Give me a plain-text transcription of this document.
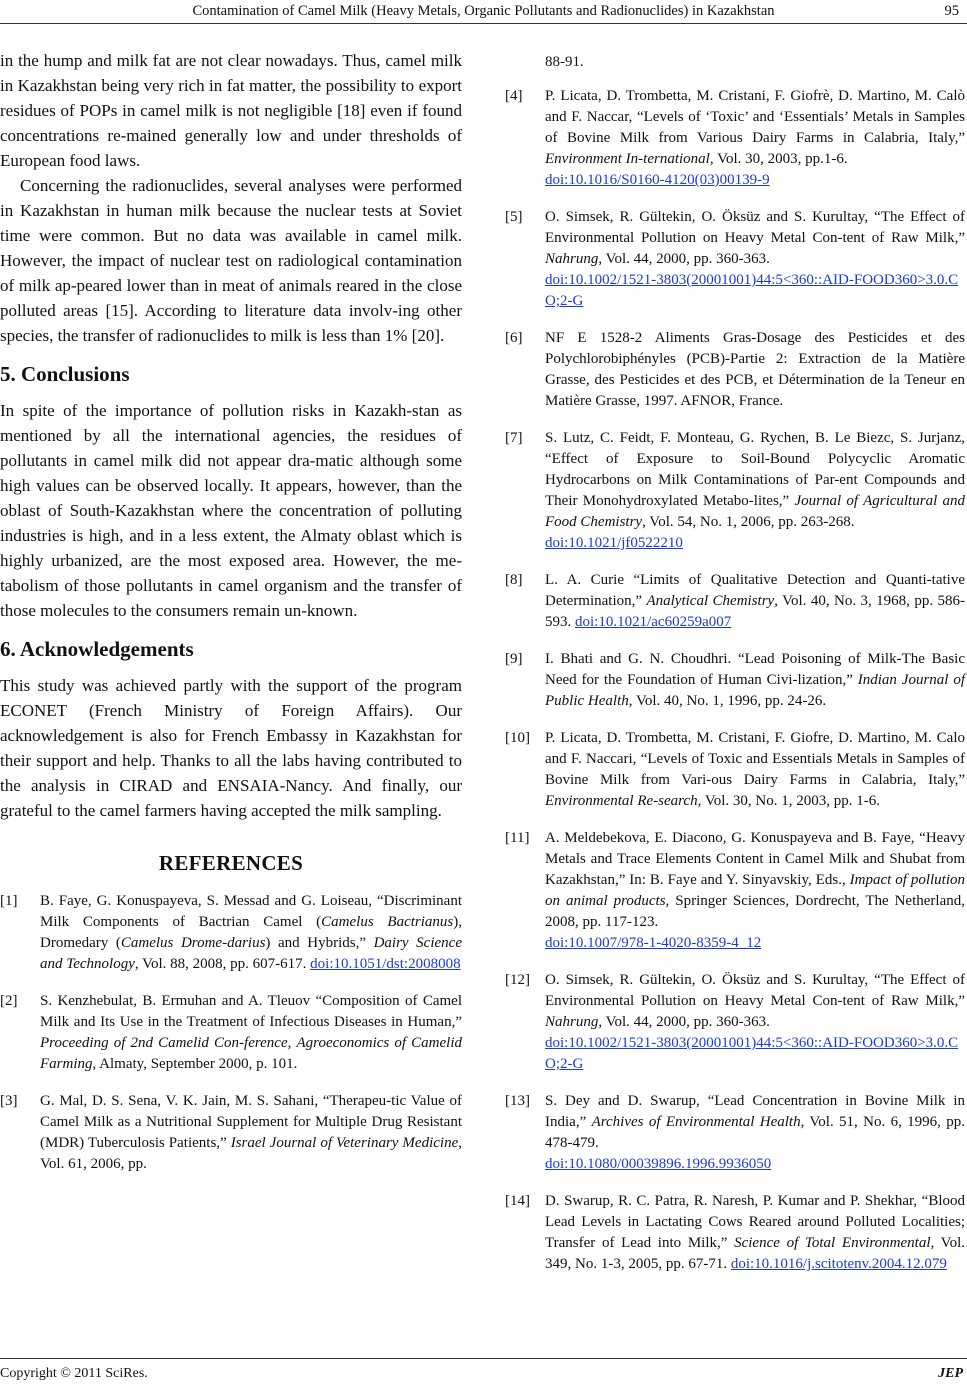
Contamination of Camel Milk (Heavy Metals, Organic Pollutants and Radionuclides) in Kazakhstan	95

in the hump and milk fat are not clear nowadays. Thus, camel milk in Kazakhstan being very rich in fat matter, the possibility to export residues of POPs in camel milk is not negligible [18] even if found concentrations re-mained generally low and under thresholds of European food laws.

Concerning the radionuclides, several analyses were performed in Kazakhstan in human milk because the nuclear tests at Soviet time were common. But no data was available in camel milk. However, the impact of nuclear test on radiological contamination of milk ap-peared lower than in meat of animals reared in the close polluted areas [15]. According to literature data involv-ing other species, the transfer of radionuclides to milk is less than 1% [20].

5. Conclusions

In spite of the importance of pollution risks in Kazakh-stan as mentioned by all the international agencies, the residues of pollutants in camel milk did not appear dra-matic although some high values can be observed locally. It appears, however, than the oblast of South-Kazakhstan where the concentration of polluting industries is high, and in a less extent, the Almaty oblast which is highly urbanized, are the most exposed area. However, the me-tabolism of those pollutants in camel organism and the transfer of those molecules to the consumers remain un-known.

6. Acknowledgements

This study was achieved partly with the support of the program ECONET (French Ministry of Foreign Affairs). Our acknowledgement is also for French Embassy in Kazakhstan for their support and help. Thanks to all the labs having contributed to the analysis in CIRAD and ENSAIA-Nancy. And finally, our grateful to the camel farmers having accepted the milk sampling.

REFERENCES
[1]	B. Faye, G. Konuspayeva, S. Messad and G. Loiseau, “Discriminant Milk Components of Bactrian Camel (Camelus Bactrianus), Dromedary (Camelus Drome-darius) and Hybrids,” Dairy Science and Technology, Vol. 88, 2008, pp. 607-617. doi:10.1051/dst:2008008
[2]	S. Kenzhebulat, B. Ermuhan and A. Tleuov “Composition of Camel Milk and Its Use in the Treatment of Infectious Diseases in Human,” Proceeding of 2nd Camelid Con-ference, Agroeconomics of Camelid Farming, Almaty, September 2000, p. 101.
[3]	G. Mal, D. S. Sena, V. K. Jain, M. S. Sahani, “Therapeu-tic Value of Camel Milk as a Nutritional Supplement for Multiple Drug Resistant (MDR) Tuberculosis Patients,” Israel Journal of Veterinary Medicine, Vol. 61, 2006, pp.
88-91.
[4]	P. Licata, D. Trombetta, M. Cristani, F. Giofrè, D. Martino, M. Calò and F. Naccar, “Levels of ‘Toxic’ and ‘Essentials’ Metals in Samples of Bovine Milk from Various Dairy Farms in Calabria, Italy,” Environment In-ternational, Vol. 30, 2003, pp.1-6.
doi:10.1016/S0160-4120(03)00139-9
[5]	O. Simsek, R. Gültekin, O. Öksüz and S. Kurultay, “The Effect of Environmental Pollution on Heavy Metal Con-tent of Raw Milk,” Nahrung, Vol. 44, 2000, pp. 360-363.
doi:10.1002/1521-3803(20001001)44:5<360::AID-FOOD360>3.0.CO;2-G
[6]	NF E 1528-2 Aliments Gras-Dosage des Pesticides et des Polychlorobiphényles (PCB)-Partie 2: Extraction de la Matière Grasse, des Pesticides et des PCB, et Détermination de la Teneur en Matière Grasse, 1997. AFNOR, France.
[7]	S. Lutz, C. Feidt, F. Monteau, G. Rychen, B. Le Biezc, S. Jurjanz, “Effect of Exposure to Soil-Bound Polycyclic Aromatic Hydrocarbons on Milk Contaminations of Par-ent Compounds and Their Monohydroxylated Metabo-lites,” Journal of Agricultural and Food Chemistry, Vol. 54, No. 1, 2006, pp. 263-268.
doi:10.1021/jf0522210
[8]	L. A. Curie “Limits of Qualitative Detection and Quanti-tative Determination,” Analytical Chemistry, Vol. 40, No. 3, 1968, pp. 586-593. doi:10.1021/ac60259a007
[9]	I. Bhati and G. N. Choudhri. “Lead Poisoning of Milk-The Basic Need for the Foundation of Human Civi-lization,” Indian Journal of Public Health, Vol. 40, No. 1, 1996, pp. 24-26.
[10]	P. Licata, D. Trombetta, M. Cristani, F. Giofre, D. Martino, M. Calo and F. Naccari, “Levels of Toxic and Essentials Metals in Samples of Bovine Milk from Vari-ous Dairy Farms in Calabria, Italy,” Environmental Re-search, Vol. 30, No. 1, 2003, pp. 1-6.
[11]	A. Meldebekova, E. Diacono, G. Konuspayeva and B. Faye, “Heavy Metals and Trace Elements Content in Camel Milk and Shubat from Kazakhstan,” In: B. Faye and Y. Sinyavskiy, Eds., Impact of pollution on animal products, Springer Sciences, Dordrecht, The Netherland, 2008, pp. 117-123.
doi:10.1007/978-1-4020-8359-4_12
[12]	O. Simsek, R. Gültekin, O. Öksüz and S. Kurultay, “The Effect of Environmental Pollution on Heavy Metal Con-tent of Raw Milk,” Nahrung, Vol. 44, 2000, pp. 360-363.
doi:10.1002/1521-3803(20001001)44:5<360::AID-FOOD360>3.0.CO;2-G
[13]	S. Dey and D. Swarup, “Lead Concentration in Bovine Milk in India,” Archives of Environmental Health, Vol. 51, No. 6, 1996, pp. 478-479.
doi:10.1080/00039896.1996.9936050
[14]	D. Swarup, R. C. Patra, R. Naresh, P. Kumar and P. Shekhar, “Blood Lead Levels in Lactating Cows Reared around Polluted Localities; Transfer of Lead into Milk,” Science of Total Environmental, Vol. 349, No. 1-3, 2005, pp. 67-71. doi:10.1016/j.scitotenv.2004.12.079
Copyright © 2011 SciRes.	JEP
